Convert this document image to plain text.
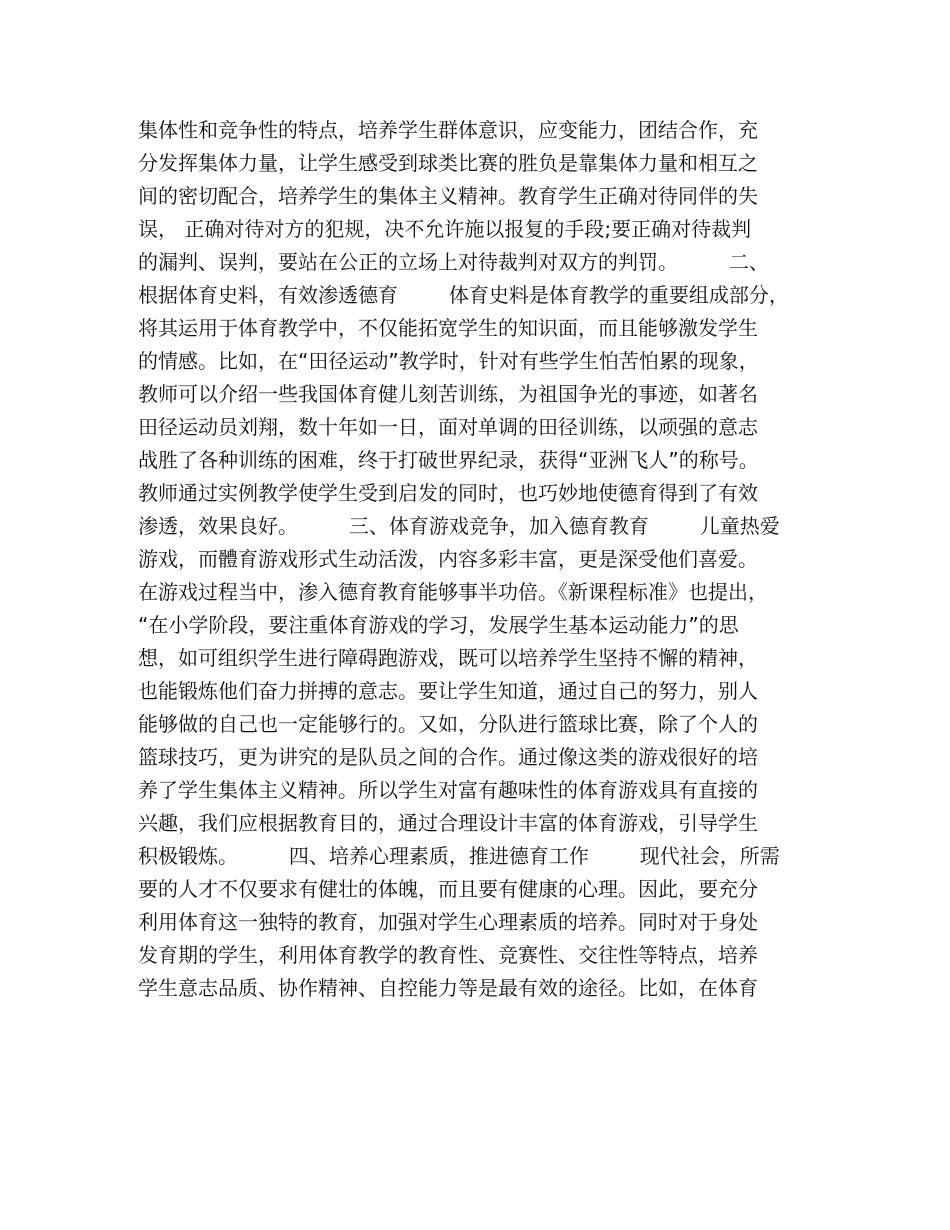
集体性和竞争性的特点，培养学生群体意识，应变能力，团结合作，充
分发挥集体力量，让学生感受到球类比赛的胜负是靠集体力量和相互之
间的密切配合，培养学生的集体主义精神。教育学生正确对待同伴的失
误， 正确对待对方的犯规，决不允许施以报复的手段;要正确对待裁判
的漏判、误判，要站在公正的立场上对待裁判对双方的判罚。        二、
根据体育史料，有效渗透德育        体育史料是体育教学的重要组成部分，
将其运用于体育教学中，不仅能拓宽学生的知识面，而且能够激发学生
的情感。比如，在“田径运动”教学时，针对有些学生怕苦怕累的现象，
教师可以介绍一些我国体育健儿刻苦训练，为祖国争光的事迹，如著名
田径运动员刘翔，数十年如一日，面对单调的田径训练，以顽强的意志
战胜了各种训练的困难，终于打破世界纪录，获得“亚洲飞人”的称号。
教师通过实例教学使学生受到启发的同时，也巧妙地使德育得到了有效
渗透，效果良好。        三、体育游戏竞争，加入德育教育        儿童热爱
游戏，而體育游戏形式生动活泼，内容多彩丰富，更是深受他们喜爱。
在游戏过程当中，渗入德育教育能够事半功倍。《新课程标准》也提出，
“在小学阶段，要注重体育游戏的学习，发展学生基本运动能力”的思
想，如可组织学生进行障碍跑游戏，既可以培养学生坚持不懈的精神，
也能锻炼他们奋力拼搏的意志。要让学生知道，通过自己的努力，别人
能够做的自己也一定能够行的。又如，分队进行篮球比赛，除了个人的
篮球技巧，更为讲究的是队员之间的合作。通过像这类的游戏很好的培
养了学生集体主义精神。所以学生对富有趣味性的体育游戏具有直接的
兴趣，我们应根据教育目的，通过合理设计丰富的体育游戏，引导学生
积极锻炼。        四、培养心理素质，推进德育工作        现代社会，所需
要的人才不仅要求有健壮的体魄，而且要有健康的心理。因此，要充分
利用体育这一独特的教育，加强对学生心理素质的培养。同时对于身处
发育期的学生，利用体育教学的教育性、竞赛性、交往性等特点，培养
学生意志品质、协作精神、自控能力等是最有效的途径。比如，在体育
